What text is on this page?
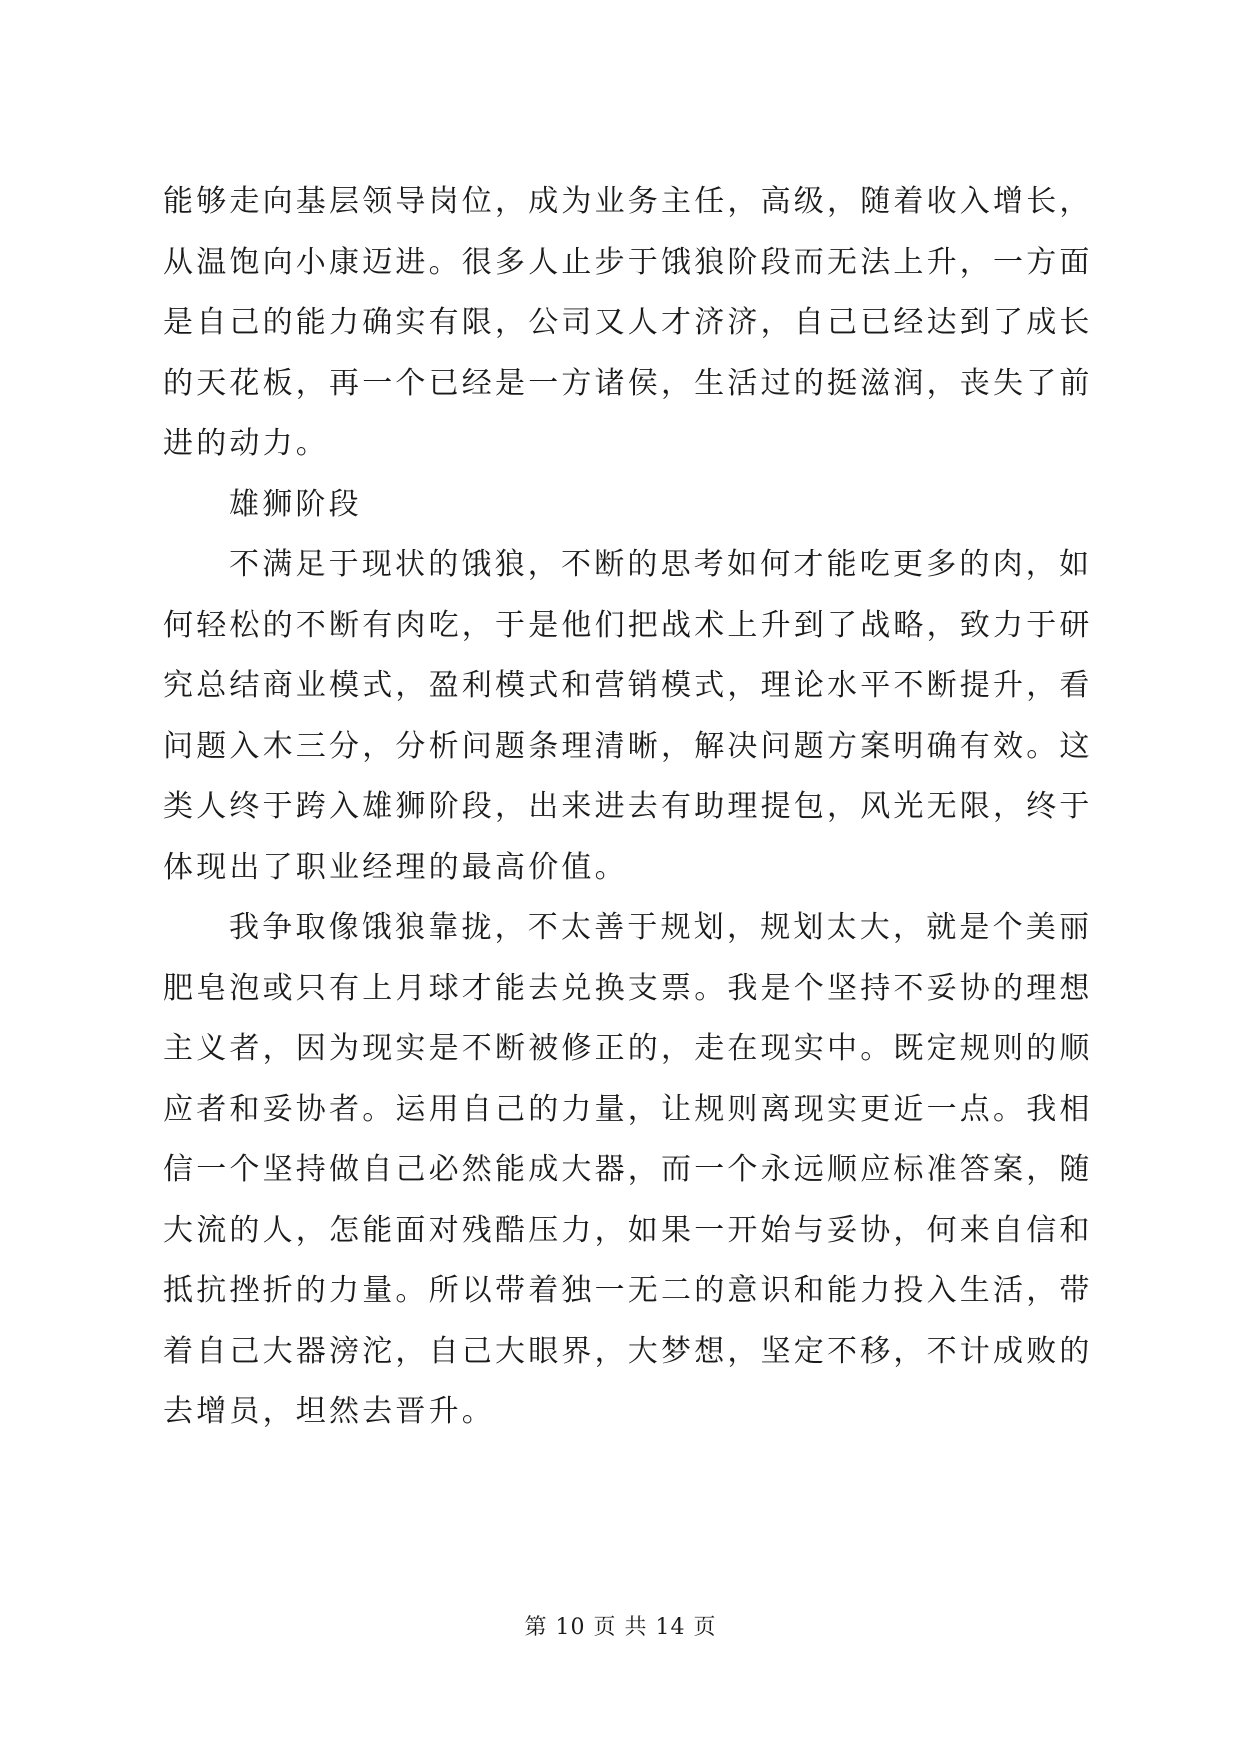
能够走向基层领导岗位，成为业务主任，高级，随着收入增长，
从温饱向小康迈进。很多人止步于饿狼阶段而无法上升，一方面
是自己的能力确实有限，公司又人才济济，自己已经达到了成长
的天花板，再一个已经是一方诸侯，生活过的挺滋润，丧失了前
进的动力。
雄狮阶段
不满足于现状的饿狼，不断的思考如何才能吃更多的肉，如
何轻松的不断有肉吃，于是他们把战术上升到了战略，致力于研
究总结商业模式，盈利模式和营销模式，理论水平不断提升，看
问题入木三分，分析问题条理清晰，解决问题方案明确有效。这
类人终于跨入雄狮阶段，出来进去有助理提包，风光无限，终于
体现出了职业经理的最高价值。
我争取像饿狼靠拢，不太善于规划，规划太大，就是个美丽
肥皂泡或只有上月球才能去兑换支票。我是个坚持不妥协的理想
主义者，因为现实是不断被修正的，走在现实中。既定规则的顺
应者和妥协者。运用自己的力量，让规则离现实更近一点。我相
信一个坚持做自己必然能成大器，而一个永远顺应标准答案，随
大流的人，怎能面对残酷压力，如果一开始与妥协，何来自信和
抵抗挫折的力量。所以带着独一无二的意识和能力投入生活，带
着自己大器滂沱，自己大眼界，大梦想，坚定不移，不计成败的
去增员，坦然去晋升。
第 10 页 共 14 页
